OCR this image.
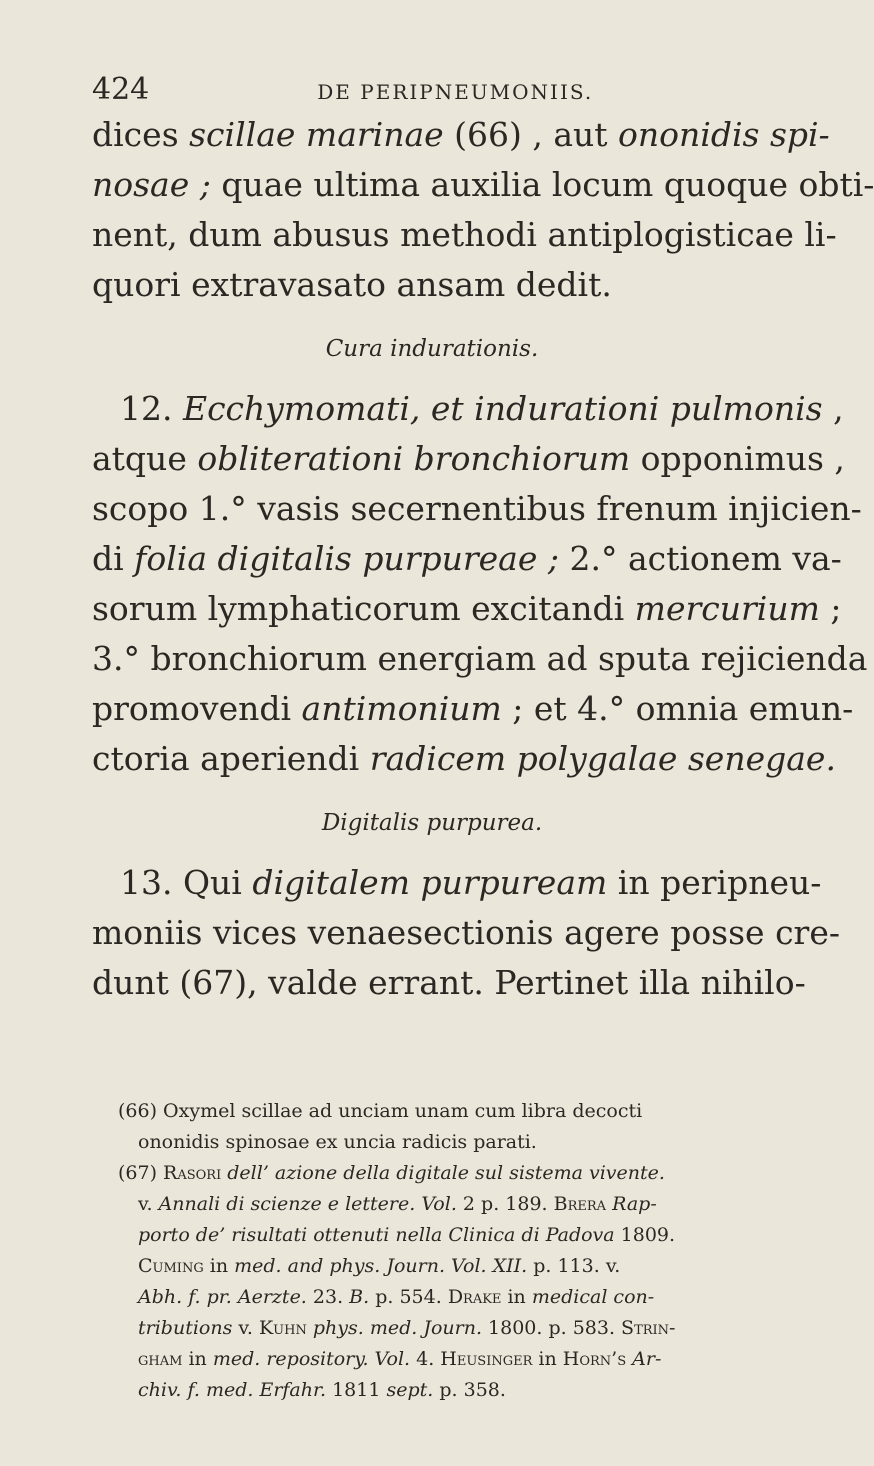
424	DE PERIPNEUMONIIS.
dices scillae marinae (66) , aut ononidis spi-
nosae ; quae ultima auxilia locum quoque obti-
nent, dum abusus methodi antiplogisticae li-
quori extravasato ansam dedit.
Cura indurationis.
12. Ecchymomati, et indurationi pulmonis ,
atque obliterationi bronchiorum opponimus ,
scopo 1.° vasis secernentibus frenum injicien-
di folia digitalis purpureae ; 2.° actionem va-
sorum lymphaticorum excitandi mercurium ;
3.° bronchiorum energiam ad sputa rejicienda
promovendi antimonium ; et 4.° omnia emun-
ctoria aperiendi radicem polygalae senegae.
Digitalis purpurea.
13. Qui digitalem purpuream in peripneu-
moniis vices venaesectionis agere posse cre-
dunt (67), valde errant. Pertinet illa nihilo-
(66) Oxymel scillae ad unciam unam cum libra decocti
ononidis spinosae ex uncia radicis parati.
(67) Rasori dell’ azione della digitale sul sistema vivente.
v. Annali di scienze e lettere. Vol. 2 p. 189. Brera Rap-
porto de’ risultati ottenuti nella Clinica di Padova 1809.
Cuming in med. and phys. Journ. Vol. XII. p. 113. v.
Abh. f. pr. Aerzte. 23. B. p. 554. Drake in medical con-
tributions v. Kuhn phys. med. Journ. 1800. p. 583. Strin-
gham in med. repository. Vol. 4. Heusinger in Horn’s Ar-
chiv. f. med. Erfahr. 1811 sept. p. 358.
